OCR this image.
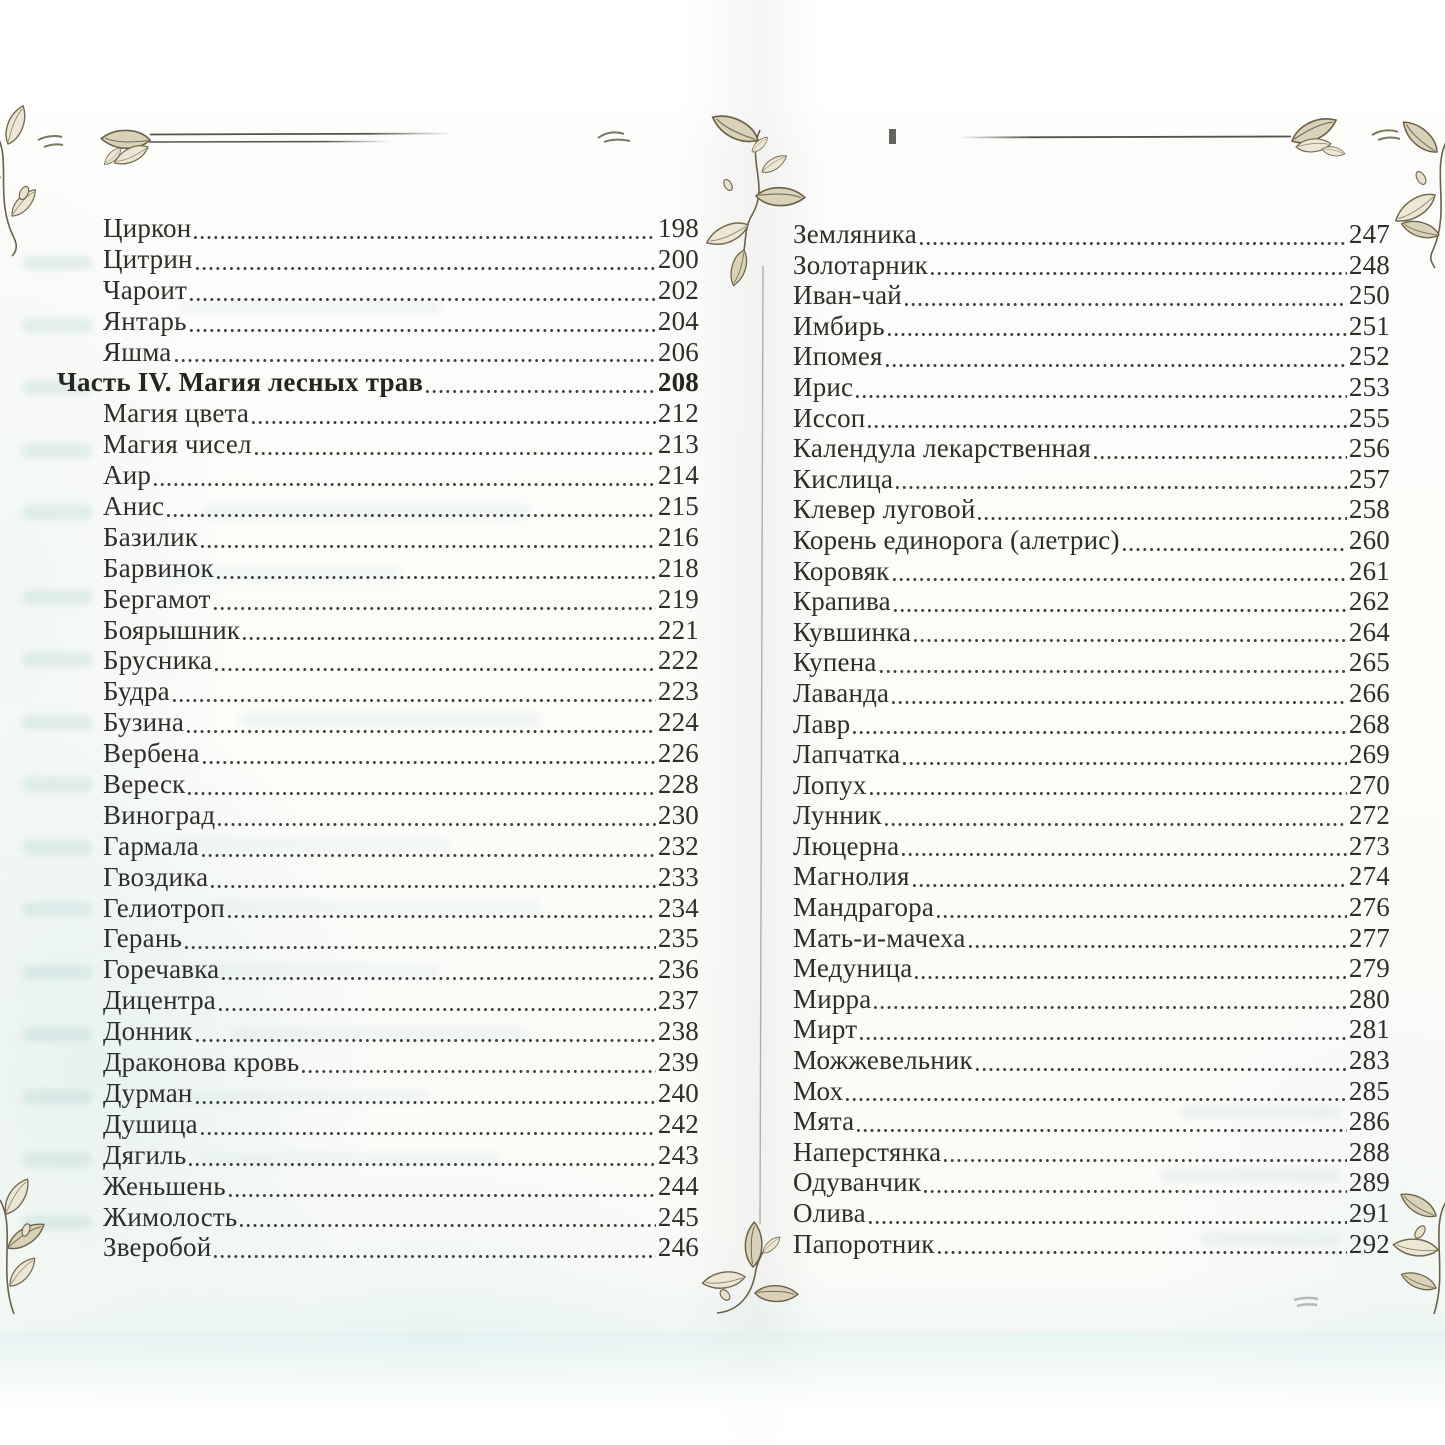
Циркон	198
Цитрин	200
Чароит	202
Янтарь	204
Яшма	206
Часть IV. Магия лесных трав	208
Магия цвета	212
Магия чисел	213
Аир	214
Анис	215
Базилик	216
Барвинок	218
Бергамот	219
Боярышник	221
Брусника	222
Будра	223
Бузина	224
Вербена	226
Вереск	228
Виноград	230
Гармала	232
Гвоздика	233
Гелиотроп	234
Герань	235
Горечавка	236
Дицентра	237
Донник	238
Драконова кровь	239
Дурман	240
Душица	242
Дягиль	243
Женьшень	244
Жимолость	245
Зверобой	246
Земляника	247
Золотарник	248
Иван-чай	250
Имбирь	251
Ипомея	252
Ирис	253
Иссоп	255
Календула лекарственная	256
Кислица	257
Клевер луговой	258
Корень единорога (алетрис)	260
Коровяк	261
Крапива	262
Кувшинка	264
Купена	265
Лаванда	266
Лавр	268
Лапчатка	269
Лопух	270
Лунник	272
Люцерна	273
Магнолия	274
Мандрагора	276
Мать-и-мачеха	277
Медуница	279
Мирра	280
Мирт	281
Можжевельник	283
Мох	285
Мята	286
Наперстянка	288
Одуванчик	289
Олива	291
Папоротник	292
